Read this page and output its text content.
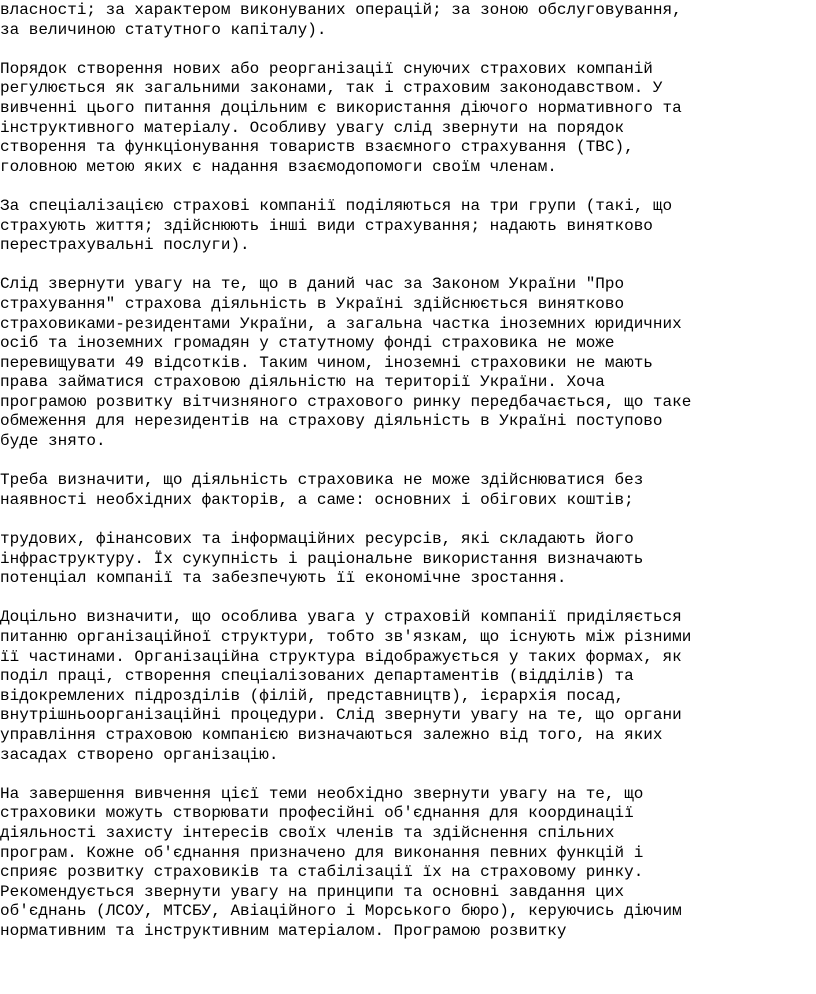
власності; за характером виконуваних операцій; за зоною обслуговування,
за величиною статутного капіталу).
Порядок створення нових або реорганізації снуючих страхових компаній
регулюється як загальними законами, так і страховим законодавством. У
вивченні цього питання доцільним є використання діючого нормативного та
інструктивного матеріалу. Особливу увагу слід звернути на порядок
створення та функціонування товариств взаємного страхування (ТВС),
головною метою яких є надання взаємодопомоги своїм членам.
За спеціалізацією страхові компанії поділяються на три групи (такі, що
страхують життя; здійснюють інші види страхування; надають винятково
перестрахувальні послуги).
Слід звернути увагу на те, що в даний час за Законом України "Про
страхування" страхова діяльність в Україні здійснюється винятково
страховиками-резидентами України, а загальна частка іноземних юридичних
осіб та іноземних громадян у статутному фонді страховика не може
перевищувати 49 відсотків. Таким чином, іноземні страховики не мають
права займатися страховою діяльністю на території України. Хоча
програмою розвитку вітчизняного страхового ринку передбачається, що таке
обмеження для нерезидентів на страхову діяльність в Україні поступово
буде знято.
Треба визначити, що діяльність страховика не може здійснюватися без
наявності необхідних факторів, а саме: основних і обігових коштів;
трудових, фінансових та інформаційних ресурсів, які складають його
інфраструктуру. Їх сукупність і раціональне використання визначають
потенціал компанії та забезпечують її економічне зростання.
Доцільно визначити, що особлива увага у страховій компанії приділяється
питанню організаційної структури, тобто зв'язкам, що існують між різними
її частинами. Організаційна структура відображується у таких формах, як
поділ праці, створення спеціалізованих департаментів (відділів) та
відокремлених підрозділів (філій, представництв), ієрархія посад,
внутрішньоорганізаційні процедури. Слід звернути увагу на те, що органи
управління страховою компанією визначаються залежно від того, на яких
засадах створено організацію.
На завершення вивчення цієї теми необхідно звернути увагу на те, що
страховики можуть створювати професійні об'єднання для координації
діяльності захисту інтересів своїх членів та здійснення спільних
програм. Кожне об'єднання призначено для виконання певних функцій і
сприяє розвитку страховиків та стабілізації їх на страховому ринку.
Рекомендується звернути увагу на принципи та основні завдання цих
об'єднань (ЛСОУ, МТСБУ, Авіаційного і Морського бюро), керуючись діючим
нормативним та інструктивним матеріалом. Програмою розвитку
